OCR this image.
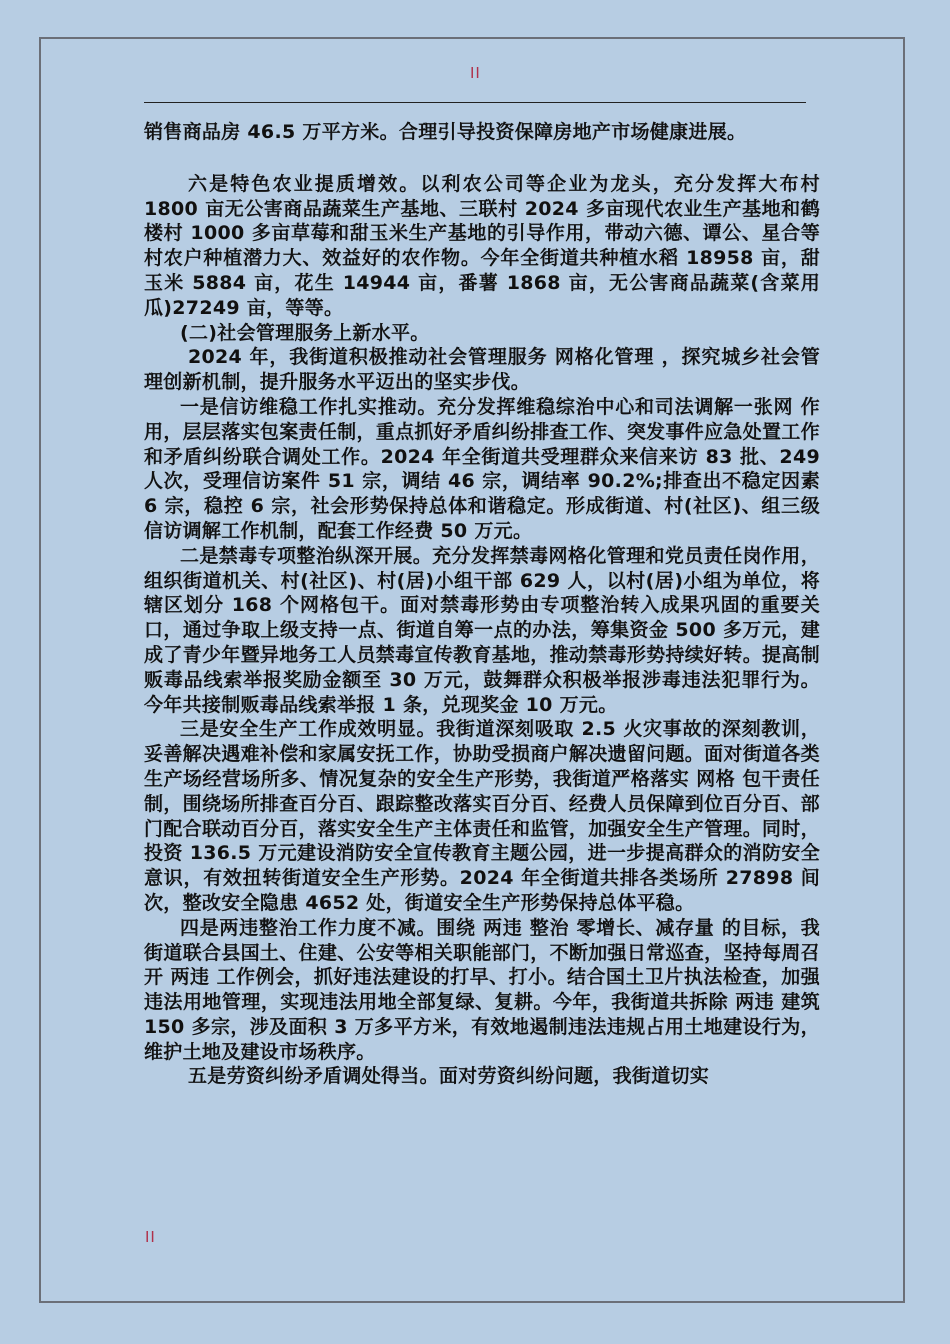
II

销售商品房 46.5 万平方米。合理引导投资保障房地产市场健康进展。

六是特色农业提质增效。以利农公司等企业为龙头，充分发挥大布村 1800 亩无公害商品蔬菜生产基地、三联村 2024 多亩现代农业生产基地和鹤楼村 1000 多亩草莓和甜玉米生产基地的引导作用，带动六德、谭公、星合等村农户种植潜力大、效益好的农作物。今年全街道共种植水稻 18958 亩，甜玉米 5884 亩，花生 14944 亩，番薯 1868 亩，无公害商品蔬菜(含菜用瓜)27249 亩，等等。

(二)社会管理服务上新水平。

2024 年，我街道积极推动社会管理服务 网格化管理 ，探究城乡社会管理创新机制，提升服务水平迈出的坚实步伐。

一是信访维稳工作扎实推动。充分发挥维稳综治中心和司法调解一张网 作用，层层落实包案责任制，重点抓好矛盾纠纷排查工作、突发事件应急处置工作和矛盾纠纷联合调处工作。2024 年全街道共受理群众来信来访 83 批、249 人次，受理信访案件 51 宗，调结 46 宗，调结率 90.2%;排查出不稳定因素 6 宗，稳控 6 宗，社会形势保持总体和谐稳定。形成街道、村(社区)、组三级信访调解工作机制，配套工作经费 50 万元。

二是禁毒专项整治纵深开展。充分发挥禁毒网格化管理和党员责任岗作用，组织街道机关、村(社区)、村(居)小组干部 629 人，以村(居)小组为单位，将辖区划分 168 个网格包干。面对禁毒形势由专项整治转入成果巩固的重要关口，通过争取上级支持一点、街道自筹一点的办法，筹集资金 500 多万元，建成了青少年暨异地务工人员禁毒宣传教育基地，推动禁毒形势持续好转。提高制贩毒品线索举报奖励金额至 30 万元，鼓舞群众积极举报涉毒违法犯罪行为。今年共接制贩毒品线索举报 1 条，兑现奖金 10 万元。

三是安全生产工作成效明显。我街道深刻吸取 2.5 火灾事故的深刻教训，妥善解决遇难补偿和家属安抚工作，协助受损商户解决遗留问题。面对街道各类生产场经营场所多、情况复杂的安全生产形势，我街道严格落实 网格 包干责任制，围绕场所排查百分百、跟踪整改落实百分百、经费人员保障到位百分百、部门配合联动百分百，落实安全生产主体责任和监管，加强安全生产管理。同时，投资 136.5 万元建设消防安全宣传教育主题公园，进一步提高群众的消防安全意识，有效扭转街道安全生产形势。2024 年全街道共排各类场所 27898 间次，整改安全隐患 4652 处，街道安全生产形势保持总体平稳。

四是两违整治工作力度不减。围绕 两违 整治 零增长、减存量 的目标，我街道联合县国土、住建、公安等相关职能部门，不断加强日常巡查，坚持每周召开 两违 工作例会，抓好违法建设的打早、打小。结合国土卫片执法检查，加强违法用地管理，实现违法用地全部复绿、复耕。今年，我街道共拆除 两违 建筑 150 多宗，涉及面积 3 万多平方米，有效地遏制违法违规占用土地建设行为，维护土地及建设市场秩序。

五是劳资纠纷矛盾调处得当。面对劳资纠纷问题，我街道切实

II
